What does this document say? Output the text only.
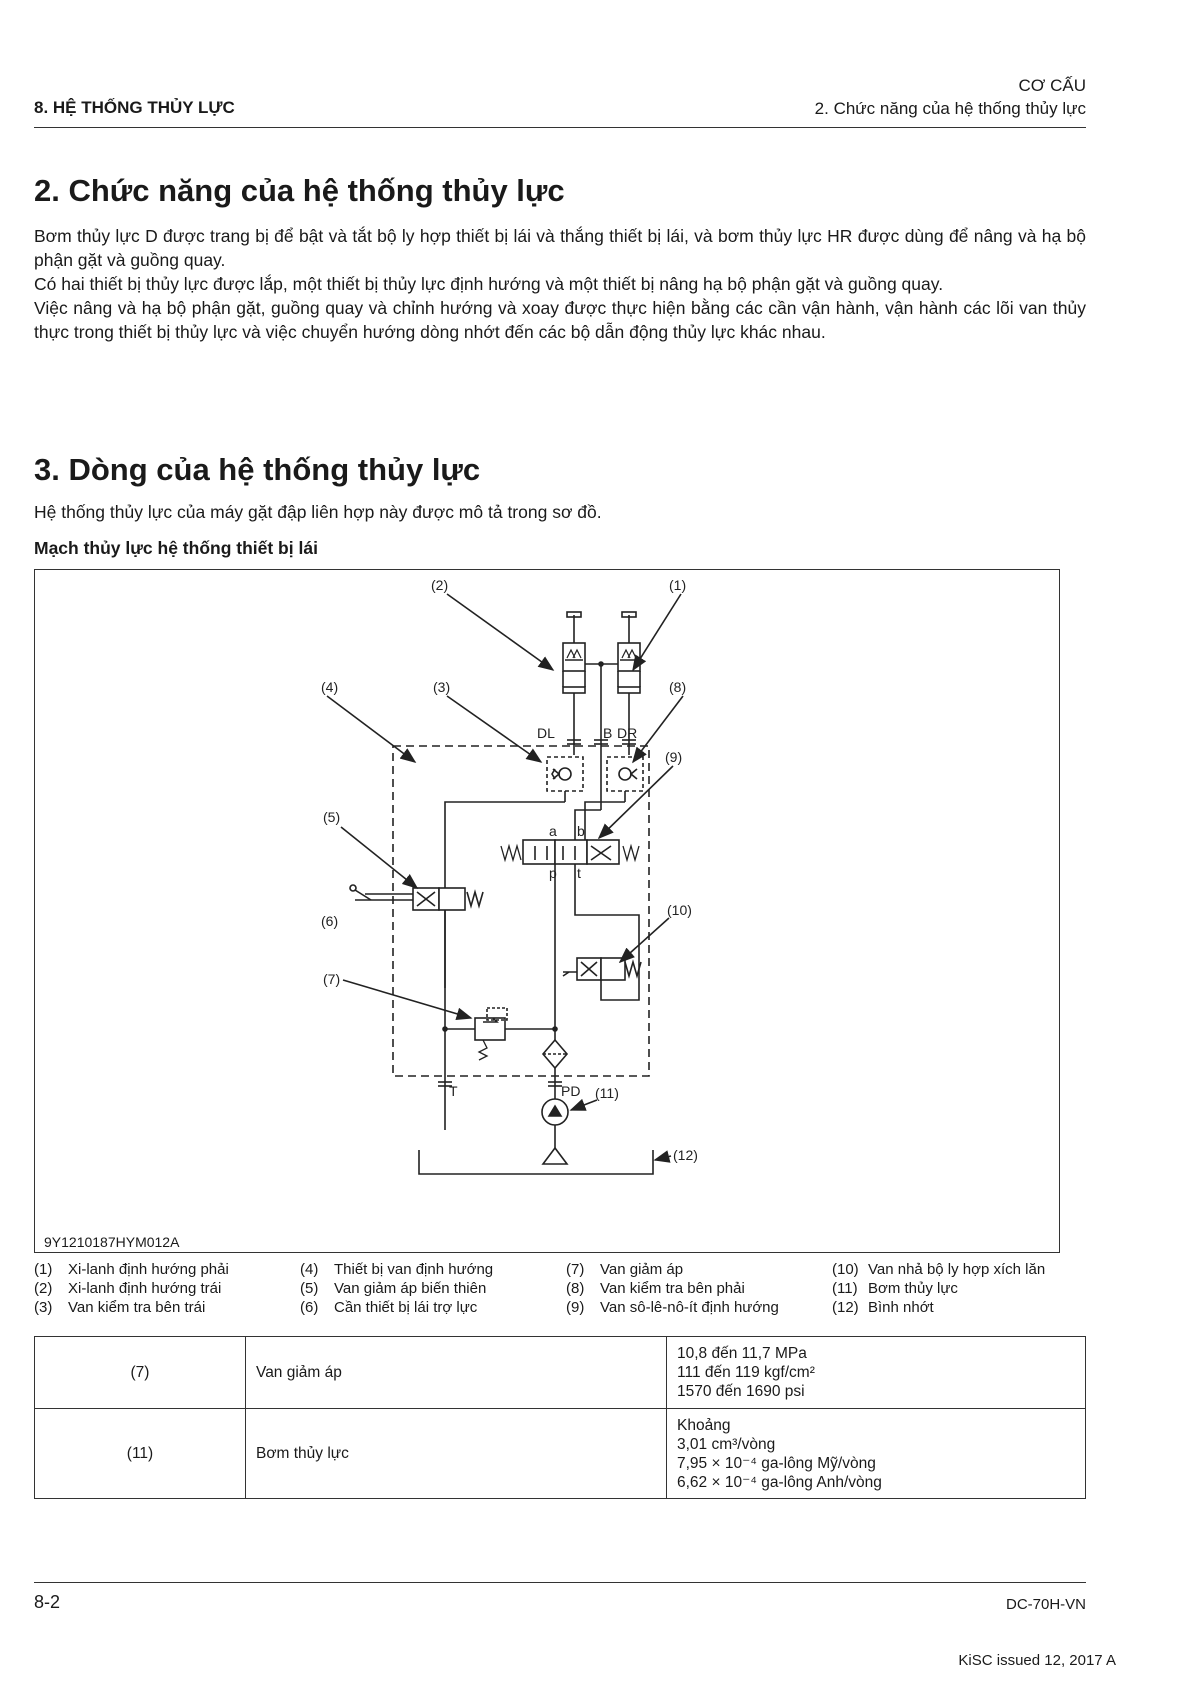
8. HỆ THỐNG THỦY LỰC
CƠ CẤU
2. Chức năng của hệ thống thủy lực
2. Chức năng của hệ thống thủy lực

Bơm thủy lực D được trang bị để bật và tắt bộ ly hợp thiết bị lái và thắng thiết bị lái, và bơm thủy lực HR được dùng để nâng và hạ bộ phận gặt và guồng quay.

Có hai thiết bị thủy lực được lắp, một thiết bị thủy lực định hướng và một thiết bị nâng hạ bộ phận gặt và guồng quay.

Việc nâng và hạ bộ phận gặt, guồng quay và chỉnh hướng và xoay được thực hiện bằng các cần vận hành, vận hành các lõi van thủy thực trong thiết bị thủy lực và việc chuyển hướng dòng nhớt đến các bộ dẫn động thủy lực khác nhau.

3. Dòng của hệ thống thủy lực
Hệ thống thủy lực của máy gặt đập liên hợp này được mô tả trong sơ đồ.
Mạch thủy lực hệ thống thiết bị lái
(2)	(1)
(4)	(3)	(8)
(9)
(5)
(6)
(10)
(7)
(11)
(12)
DL	B DR
a b
p t
T	PD
9Y1210187HYM012A
(1) Xi-lanh định hướng phải
(2) Xi-lanh định hướng trái
(3) Van kiểm tra bên trái
(4) Thiết bị van định hướng
(5) Van giảm áp biến thiên
(6) Cần thiết bị lái trợ lực
(7) Van giảm áp
(8) Van kiểm tra bên phải
(9) Van sô-lê-nô-ít định hướng
(10) Van nhả bộ ly hợp xích lăn
(11) Bơm thủy lực
(12) Bình nhớt
(7)	Van giảm áp	10,8 đến 11,7 MPa
111 đến 119 kgf/cm²
1570 đến 1690 psi

(11)	Bơm thủy lực	Khoảng
3,01 cm³/vòng
7,95 × 10⁻⁴ ga-lông Mỹ/vòng
6,62 × 10⁻⁴ ga-lông Anh/vòng
8-2	DC-70H-VN
KiSC issued 12, 2017 A
